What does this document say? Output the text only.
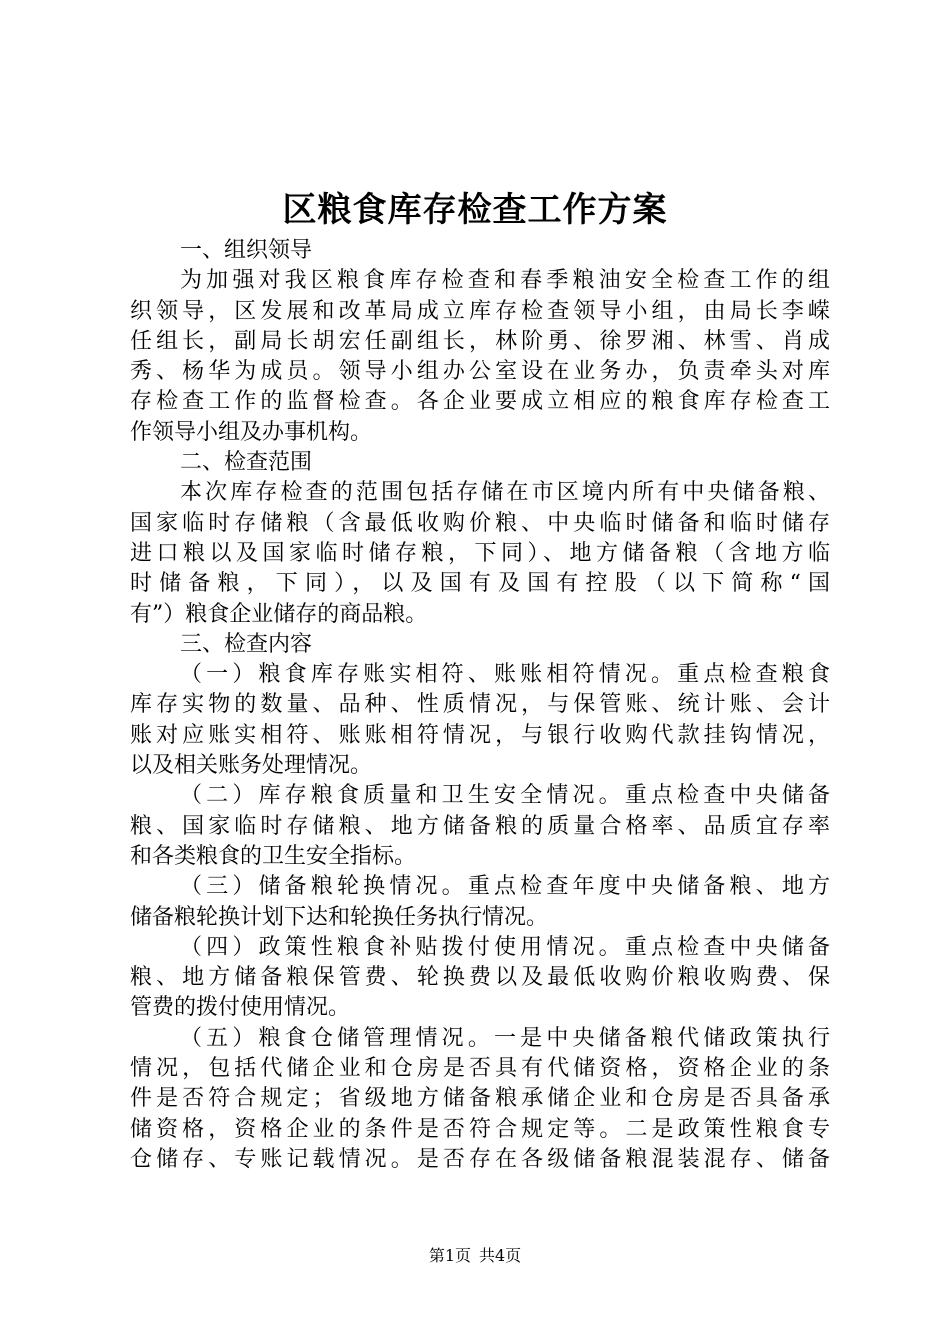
区粮食库存检查工作方案
一、组织领导
为加强对我区粮食库存检查和春季粮油安全检查工作的组
织领导，区发展和改革局成立库存检查领导小组，由局长李嵘
任组长，副局长胡宏任副组长，林阶勇、徐罗湘、林雪、肖成
秀、杨华为成员。领导小组办公室设在业务办，负责牵头对库
存检查工作的监督检查。各企业要成立相应的粮食库存检查工
作领导小组及办事机构。
二、检查范围
本次库存检查的范围包括存储在市区境内所有中央储备粮、
国家临时存储粮（含最低收购价粮、中央临时储备和临时储存
进口粮以及国家临时储存粮，下同）、地方储备粮（含地方临
时储备粮，下同），以及国有及国有控股（以下简称“国
有”）粮食企业储存的商品粮。
三、检查内容
（一）粮食库存账实相符、账账相符情况。重点检查粮食
库存实物的数量、品种、性质情况，与保管账、统计账、会计
账对应账实相符、账账相符情况，与银行收购代款挂钩情况，
以及相关账务处理情况。
（二）库存粮食质量和卫生安全情况。重点检查中央储备
粮、国家临时存储粮、地方储备粮的质量合格率、品质宜存率
和各类粮食的卫生安全指标。
（三）储备粮轮换情况。重点检查年度中央储备粮、地方
储备粮轮换计划下达和轮换任务执行情况。
（四）政策性粮食补贴拨付使用情况。重点检查中央储备
粮、地方储备粮保管费、轮换费以及最低收购价粮收购费、保
管费的拨付使用情况。
（五）粮食仓储管理情况。一是中央储备粮代储政策执行
情况，包括代储企业和仓房是否具有代储资格，资格企业的条
件是否符合规定；省级地方储备粮承储企业和仓房是否具备承
储资格，资格企业的条件是否符合规定等。二是政策性粮食专
仓储存、专账记载情况。是否存在各级储备粮混装混存、储备
第1页 共4页
